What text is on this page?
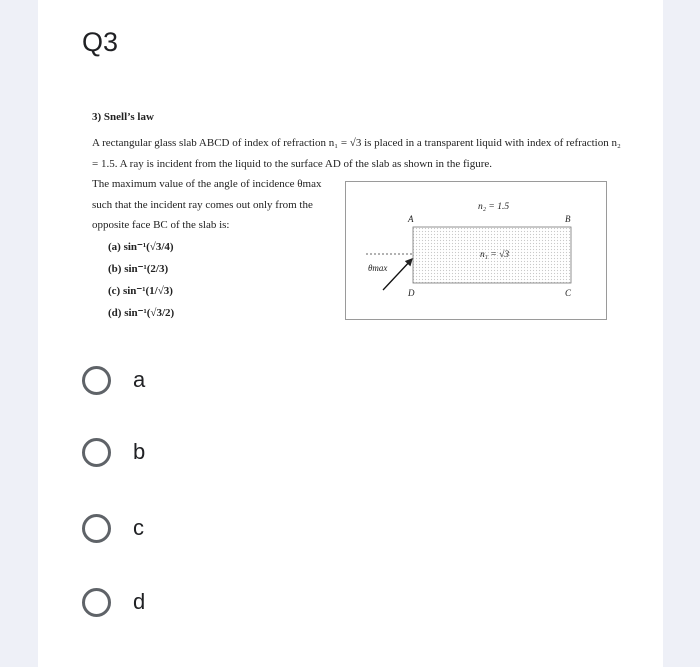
Q3

3) Snell’s law

A rectangular glass slab ABCD of index of refraction n₁ = √3 is placed in a transparent liquid with index of refraction n₂ = 1.5. A ray is incident from the liquid to the surface AD of the slab as shown in the figure.

The maximum value of the angle of incidence θmax such that the incident ray comes out only from the opposite face BC of the slab is:

(a) sin⁻¹(√3/4)
(b) sin⁻¹(2/3)
(c) sin⁻¹(1/√3)
(d) sin⁻¹(√3/2)
n₂ = 1.5
n₁ = √3
θmax
A	B
C
D
a
b
c
d
